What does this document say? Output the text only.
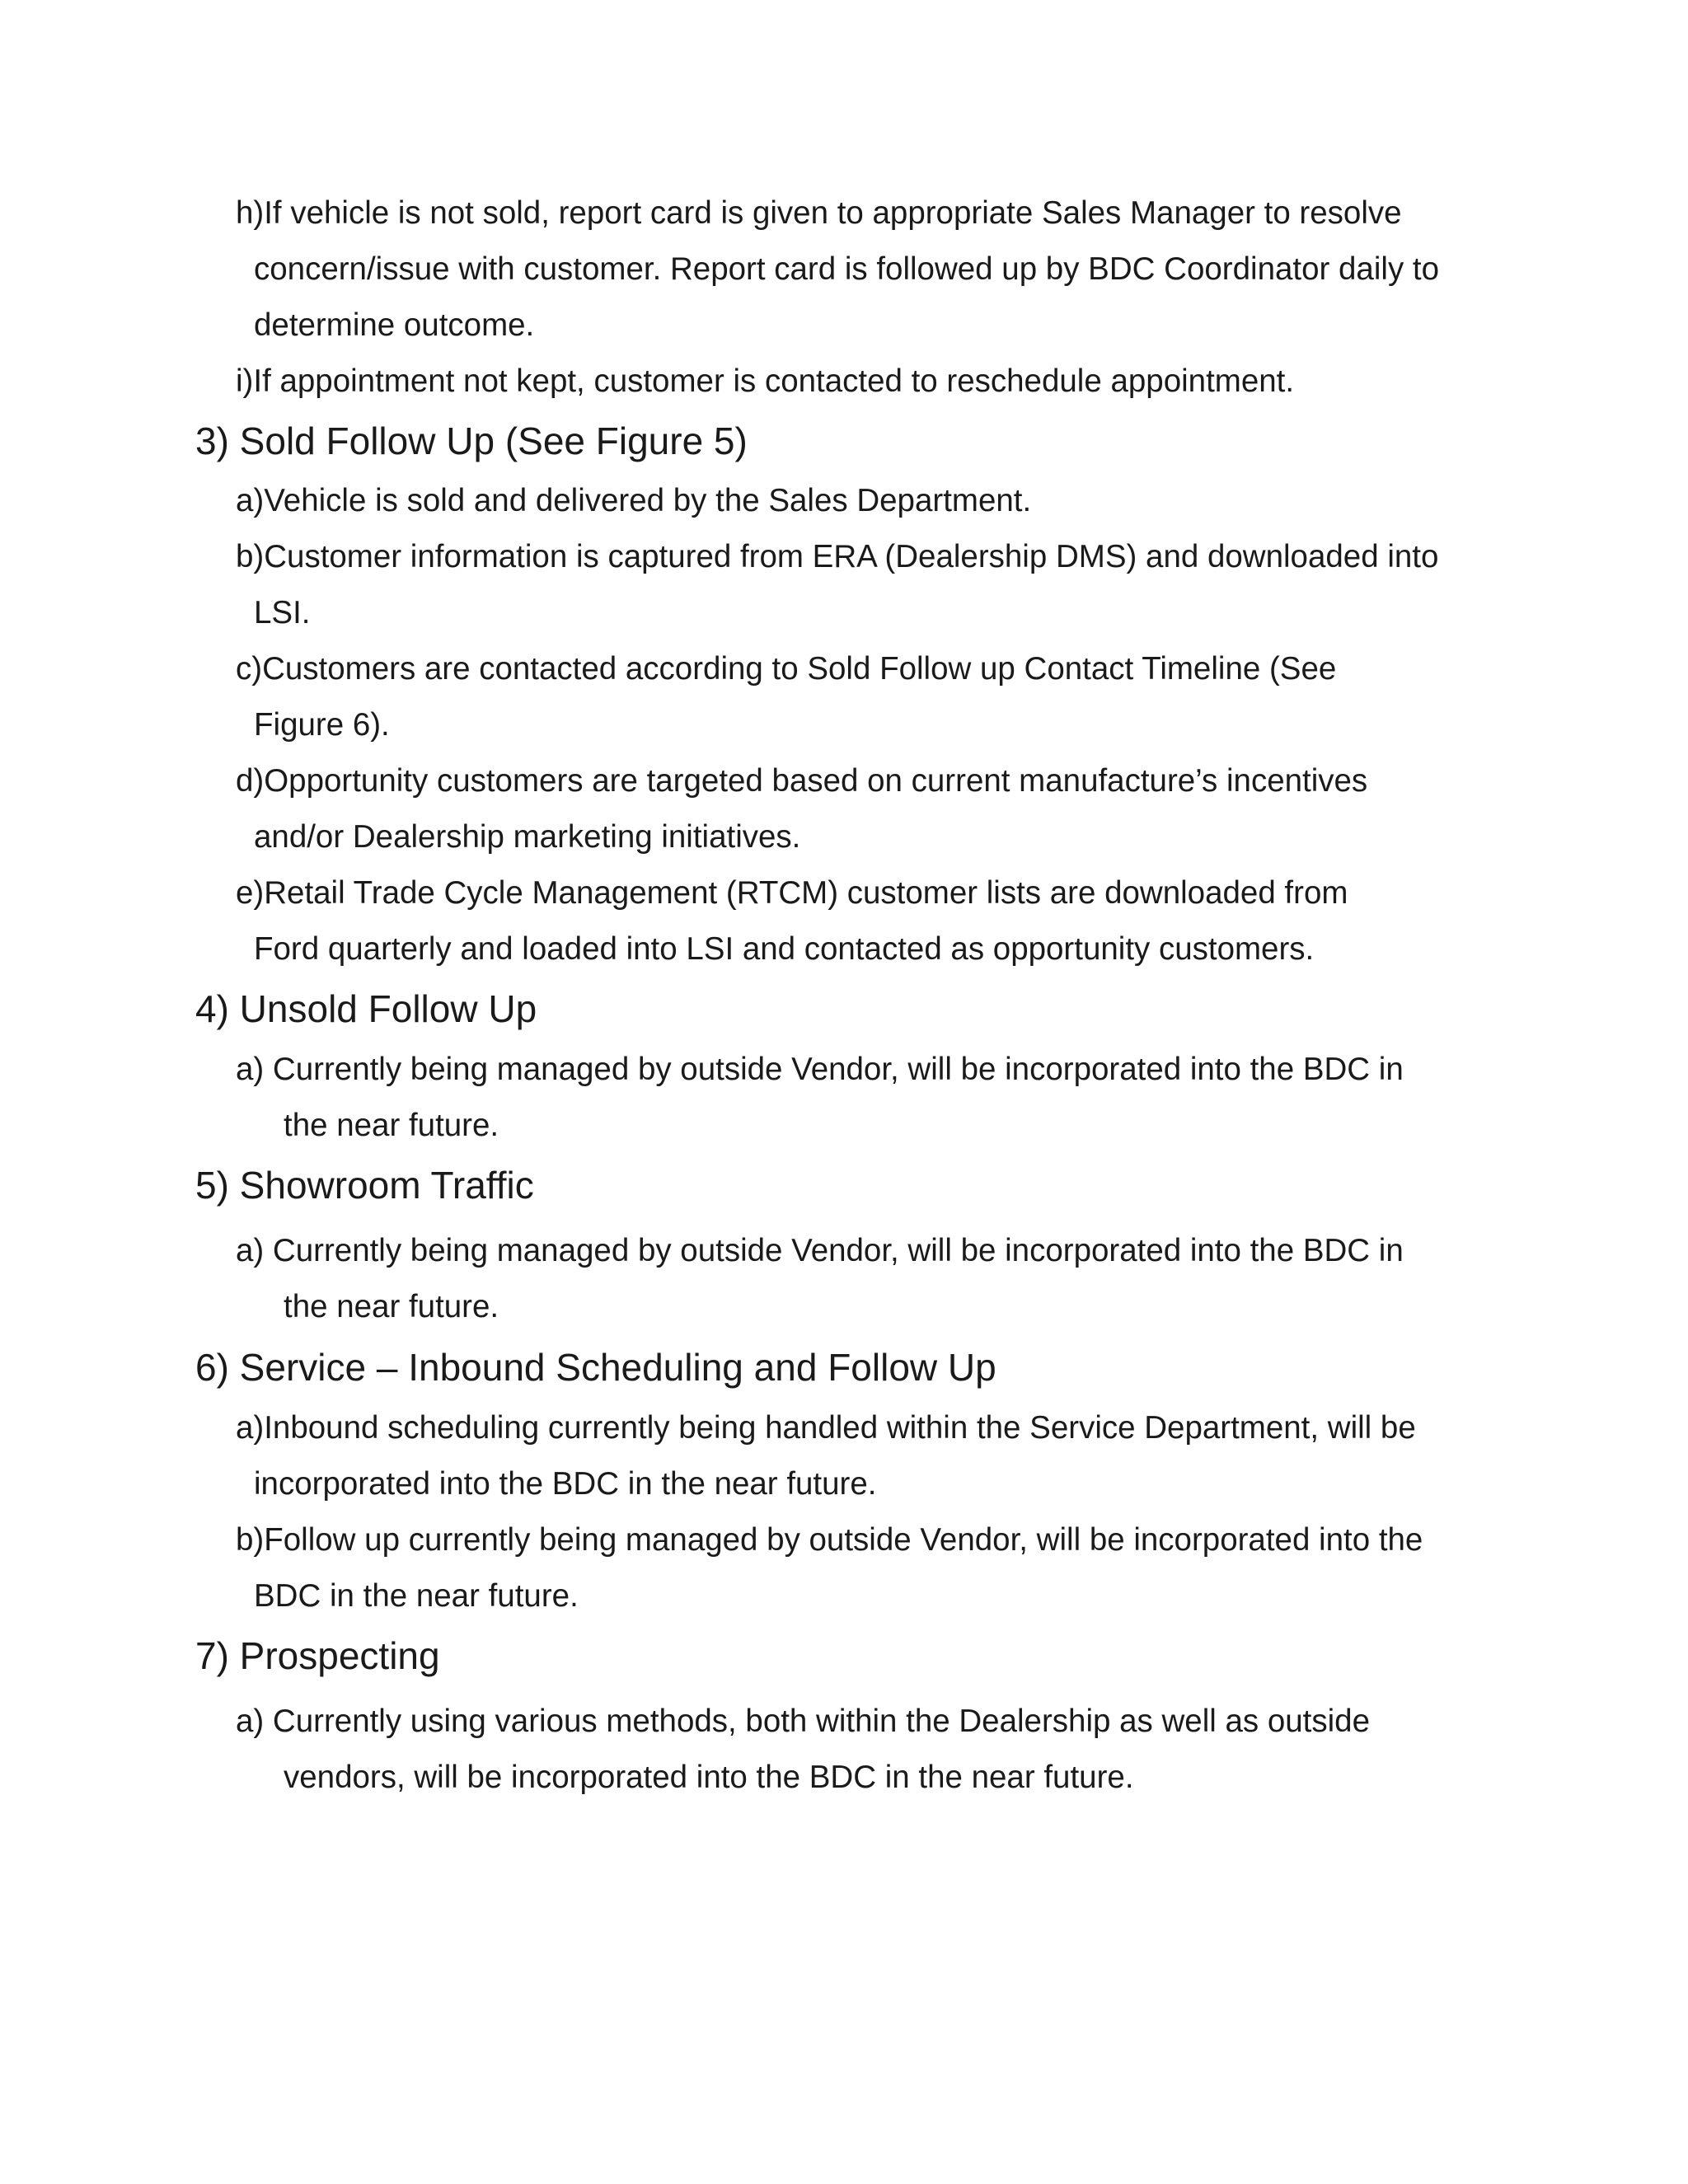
h)If vehicle is not sold, report card is given to appropriate Sales Manager to resolve
concern/issue with customer. Report card is followed up by BDC Coordinator daily to
determine outcome.
i)If appointment not kept, customer is contacted to reschedule appointment.
3) Sold Follow Up (See Figure 5)
a)Vehicle is sold and delivered by the Sales Department.
b)Customer information is captured from ERA (Dealership DMS) and downloaded into
LSI.
c)Customers are contacted according to Sold Follow up Contact Timeline (See
Figure 6).
d)Opportunity customers are targeted based on current manufacture’s incentives
and/or Dealership marketing initiatives.
e)Retail Trade Cycle Management (RTCM) customer lists are downloaded from
Ford quarterly and loaded into LSI and contacted as opportunity customers.
4) Unsold Follow Up
a) Currently being managed by outside Vendor, will be incorporated into the BDC in
the near future.
5) Showroom Traffic
a) Currently being managed by outside Vendor, will be incorporated into the BDC in
the near future.
6) Service – Inbound Scheduling and Follow Up
a)Inbound scheduling currently being handled within the Service Department, will be
incorporated into the BDC in the near future.
b)Follow up currently being managed by outside Vendor, will be incorporated into the
BDC in the near future.
7) Prospecting
a) Currently using various methods, both within the Dealership as well as outside
vendors, will be incorporated into the BDC in the near future.
